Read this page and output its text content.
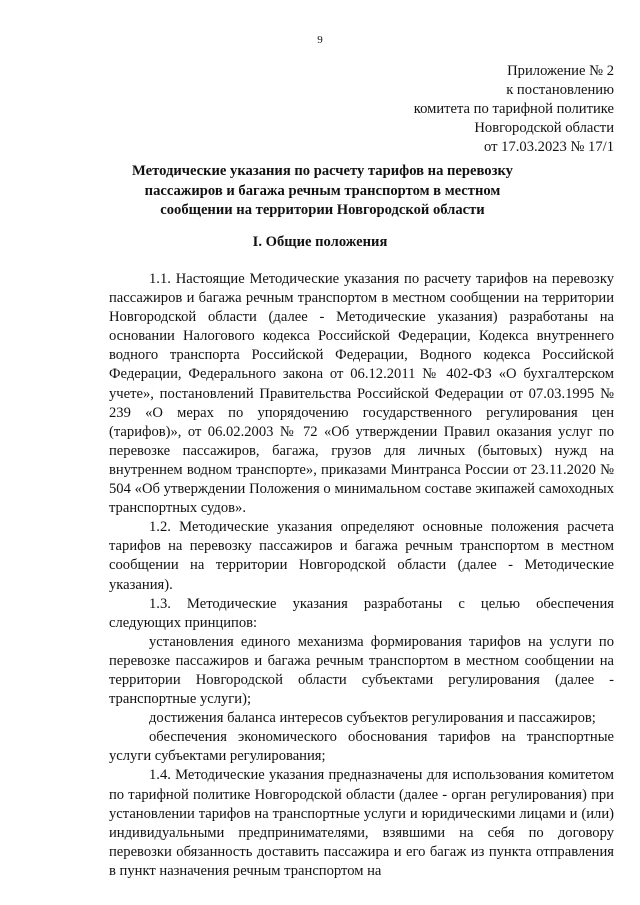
9
Приложение № 2
к постановлению
комитета по тарифной политике
Новгородской области
от 17.03.2023 № 17/1
Методические указания по расчету тарифов на перевозку пассажиров и багажа речным транспортом в местном сообщении на территории Новгородской области
I. Общие положения

1.1. Настоящие Методические указания по расчету тарифов на перевозку пассажиров и багажа речным транспортом в местном сообщении на территории Новгородской области (далее - Методические указания) разработаны на основании Налогового кодекса Российской Федерации, Кодекса внутреннего водного транспорта Российской Федерации, Водного кодекса Российской Федерации, Федерального закона от 06.12.2011 № 402-ФЗ «О бухгалтерском учете», постановлений Правительства Российской Федерации от 07.03.1995 № 239 «О мерах по упорядочению государственного регулирования цен (тарифов)», от 06.02.2003 № 72 «Об утверждении Правил оказания услуг по перевозке пассажиров, багажа, грузов для личных (бытовых) нужд на внутреннем водном транспорте», приказами Минтранса России от 23.11.2020 № 504 «Об утверждении Положения о минимальном составе экипажей самоходных транспортных судов».

1.2. Методические указания определяют основные положения расчета тарифов на перевозку пассажиров и багажа речным транспортом в местном сообщении на территории Новгородской области (далее - Методические указания).

1.3. Методические указания разработаны с целью обеспечения следующих принципов:

установления единого механизма формирования тарифов на услуги по перевозке пассажиров и багажа речным транспортом в местном сообщении на территории Новгородской области субъектами регулирования (далее - транспортные услуги);

достижения баланса интересов субъектов регулирования и пассажиров;

обеспечения экономического обоснования тарифов на транспортные услуги субъектами регулирования;

1.4. Методические указания предназначены для использования комитетом по тарифной политике Новгородской области (далее - орган регулирования) при установлении тарифов на транспортные услуги и юридическими лицами и (или) индивидуальными предпринимателями, взявшими на себя по договору перевозки обязанность доставить пассажира и его багаж из пункта отправления в пункт назначения речным транспортом на
